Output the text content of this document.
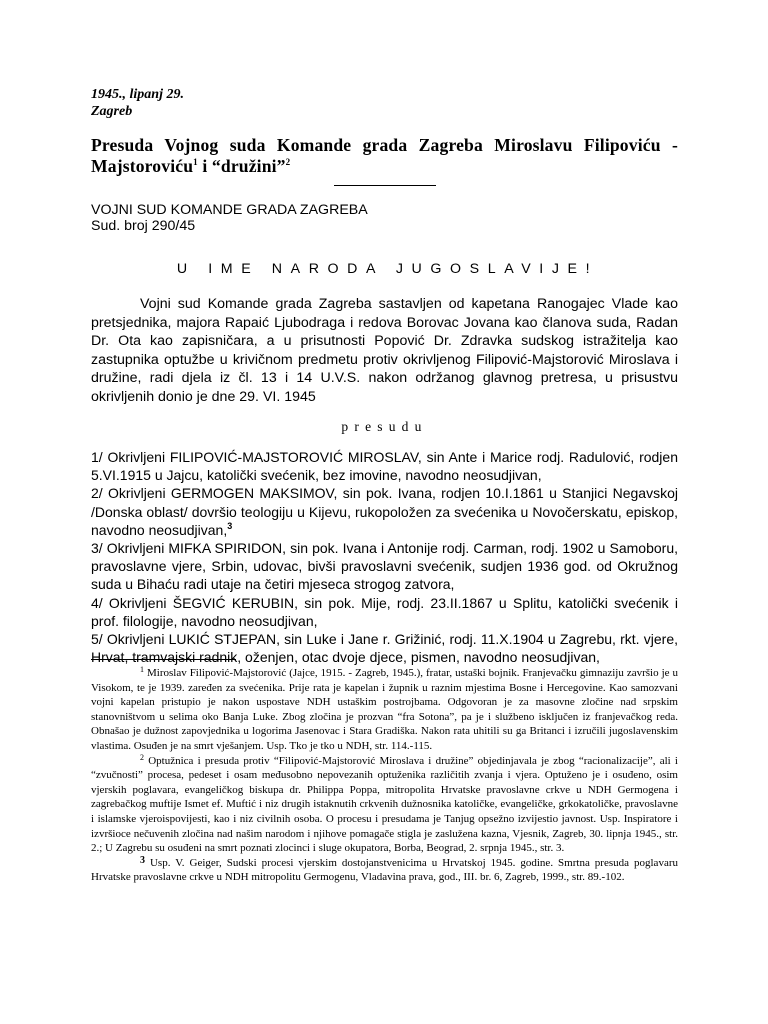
1945., lipanj 29.
Zagreb
Presuda Vojnog suda Komande grada Zagreba Miroslavu Filipoviću - Majstoroviću$^1$ i “družini”$^2$
VOJNI SUD KOMANDE GRADA ZAGREBA
Sud. broj 290/45
U IME NARODA JUGOSLAVIJE!
Vojni sud Komande grada Zagreba sastavljen od kapetana Ranogajec Vlade kao pretsjednika, majora Rapaić Ljubodraga i redova Borovac Jovana kao članova suda, Radan Dr. Ota kao zapisničara, a u prisutnosti Popović Dr. Zdravka sudskog istražitelja kao zastupnika optužbe u krivičnom predmetu protiv okrivljenog Filipović-Majstorović Miroslava i družine, radi djela iz čl. 13 i 14 U.V.S. nakon održanog glavnog pretresa, u prisustvu okrivljenih donio je dne 29. VI. 1945
presudu

1/ Okrivljeni FILIPOVIĆ-MAJSTOROVIĆ MIROSLAV, sin Ante i Marice rodj. Radulović, rodjen 5.VI.1915 u Jajcu, katolički svećenik, bez imovine, navodno neosudjivan,

2/ Okrivljeni GERMOGEN MAKSIMOV, sin pok. Ivana, rodjen 10.I.1861 u Stanjici Negavskoj /Donska oblast/ dovršio teologiju u Kijevu, rukopoložen za svećenika u Novočerskatu, episkop, navodno neosudjivan,$^3$

3/ Okrivljeni MIFKA SPIRIDON, sin pok. Ivana i Antonije rodj. Carman, rodj. 1902 u Samoboru, pravoslavne vjere, Srbin, udovac, bivši pravoslavni svećenik, sudjen 1936 god. od Okružnog suda u Bihaću radi utaje na četiri mjeseca strogog zatvora,

4/ Okrivljeni ŠEGVIĆ KERUBIN, sin pok. Mije, rodj. 23.II.1867 u Splitu, katolički svećenik i prof. filologije, navodno neosudjivan,

5/ Okrivljeni LUKIĆ STJEPAN, sin Luke i Jane r. Grižinić, rodj. 11.X.1904 u Zagrebu, rkt. vjere, Hrvat, tramvajski radnik, oženjen, otac dvoje djece, pismen, navodno neosudjivan,

$^1$ Miroslav Filipović-Majstorović (Jajce, 1915. - Zagreb, 1945.), fratar, ustaški bojnik. Franjevačku gimnaziju završio je u Visokom, te je 1939. zaređen za svećenika. Prije rata je kapelan i župnik u raznim mjestima Bosne i Hercegovine. Kao samozvani vojni kapelan pristupio je nakon uspostave NDH ustaškim postrojbama. Odgovoran je za masovne zločine nad srpskim stanovništvom u selima oko Banja Luke. Zbog zločina je prozvan “fra Sotona”, pa je i službeno isključen iz franjevačkog reda. Obnašao je dužnost zapovjednika u logorima Jasenovac i Stara Gradiška. Nakon rata uhitili su ga Britanci i izručili jugoslavenskim vlastima. Osuđen je na smrt vješanjem. Usp. Tko je tko u NDH, str. 114.-115.

$^2$ Optužnica i presuda protiv “Filipović-Majstorović Miroslava i družine” objedinjavala je zbog “racionalizacije”, ali i “zvučnosti” procesa, pedeset i osam međusobno nepovezanih optuženika različitih zvanja i vjera. Optuženo je i osuđeno, osim vjerskih poglavara, evangeličkog biskupa dr. Philippa Poppa, mitropolita Hrvatske pravoslavne crkve u NDH Germogena i zagrebačkog muftije Ismet ef. Muftić i niz drugih istaknutih crkvenih dužnosnika katoličke, evangeličke, grkokatoličke, pravoslavne i islamske vjeroispovijesti, kao i niz civilnih osoba. O procesu i presudama je Tanjug opsežno izvijestio javnost. Usp. Inspiratore i izvršioce nečuvenih zločina nad našim narodom i njihove pomagače stigla je zaslužena kazna, Vjesnik, Zagreb, 30. lipnja 1945., str. 2.; U Zagrebu su osuđeni na smrt poznati zlocinci i sluge okupatora, Borba, Beograd, 2. srpnja 1945., str. 3.

$^3$ Usp. V. Geiger, Sudski procesi vjerskim dostojanstvenicima u Hrvatskoj 1945. godine. Smrtna presuda poglavaru Hrvatske pravoslavne crkve u NDH mitropolitu Germogenu, Vladavina prava, god., III. br. 6, Zagreb, 1999., str. 89.-102.
